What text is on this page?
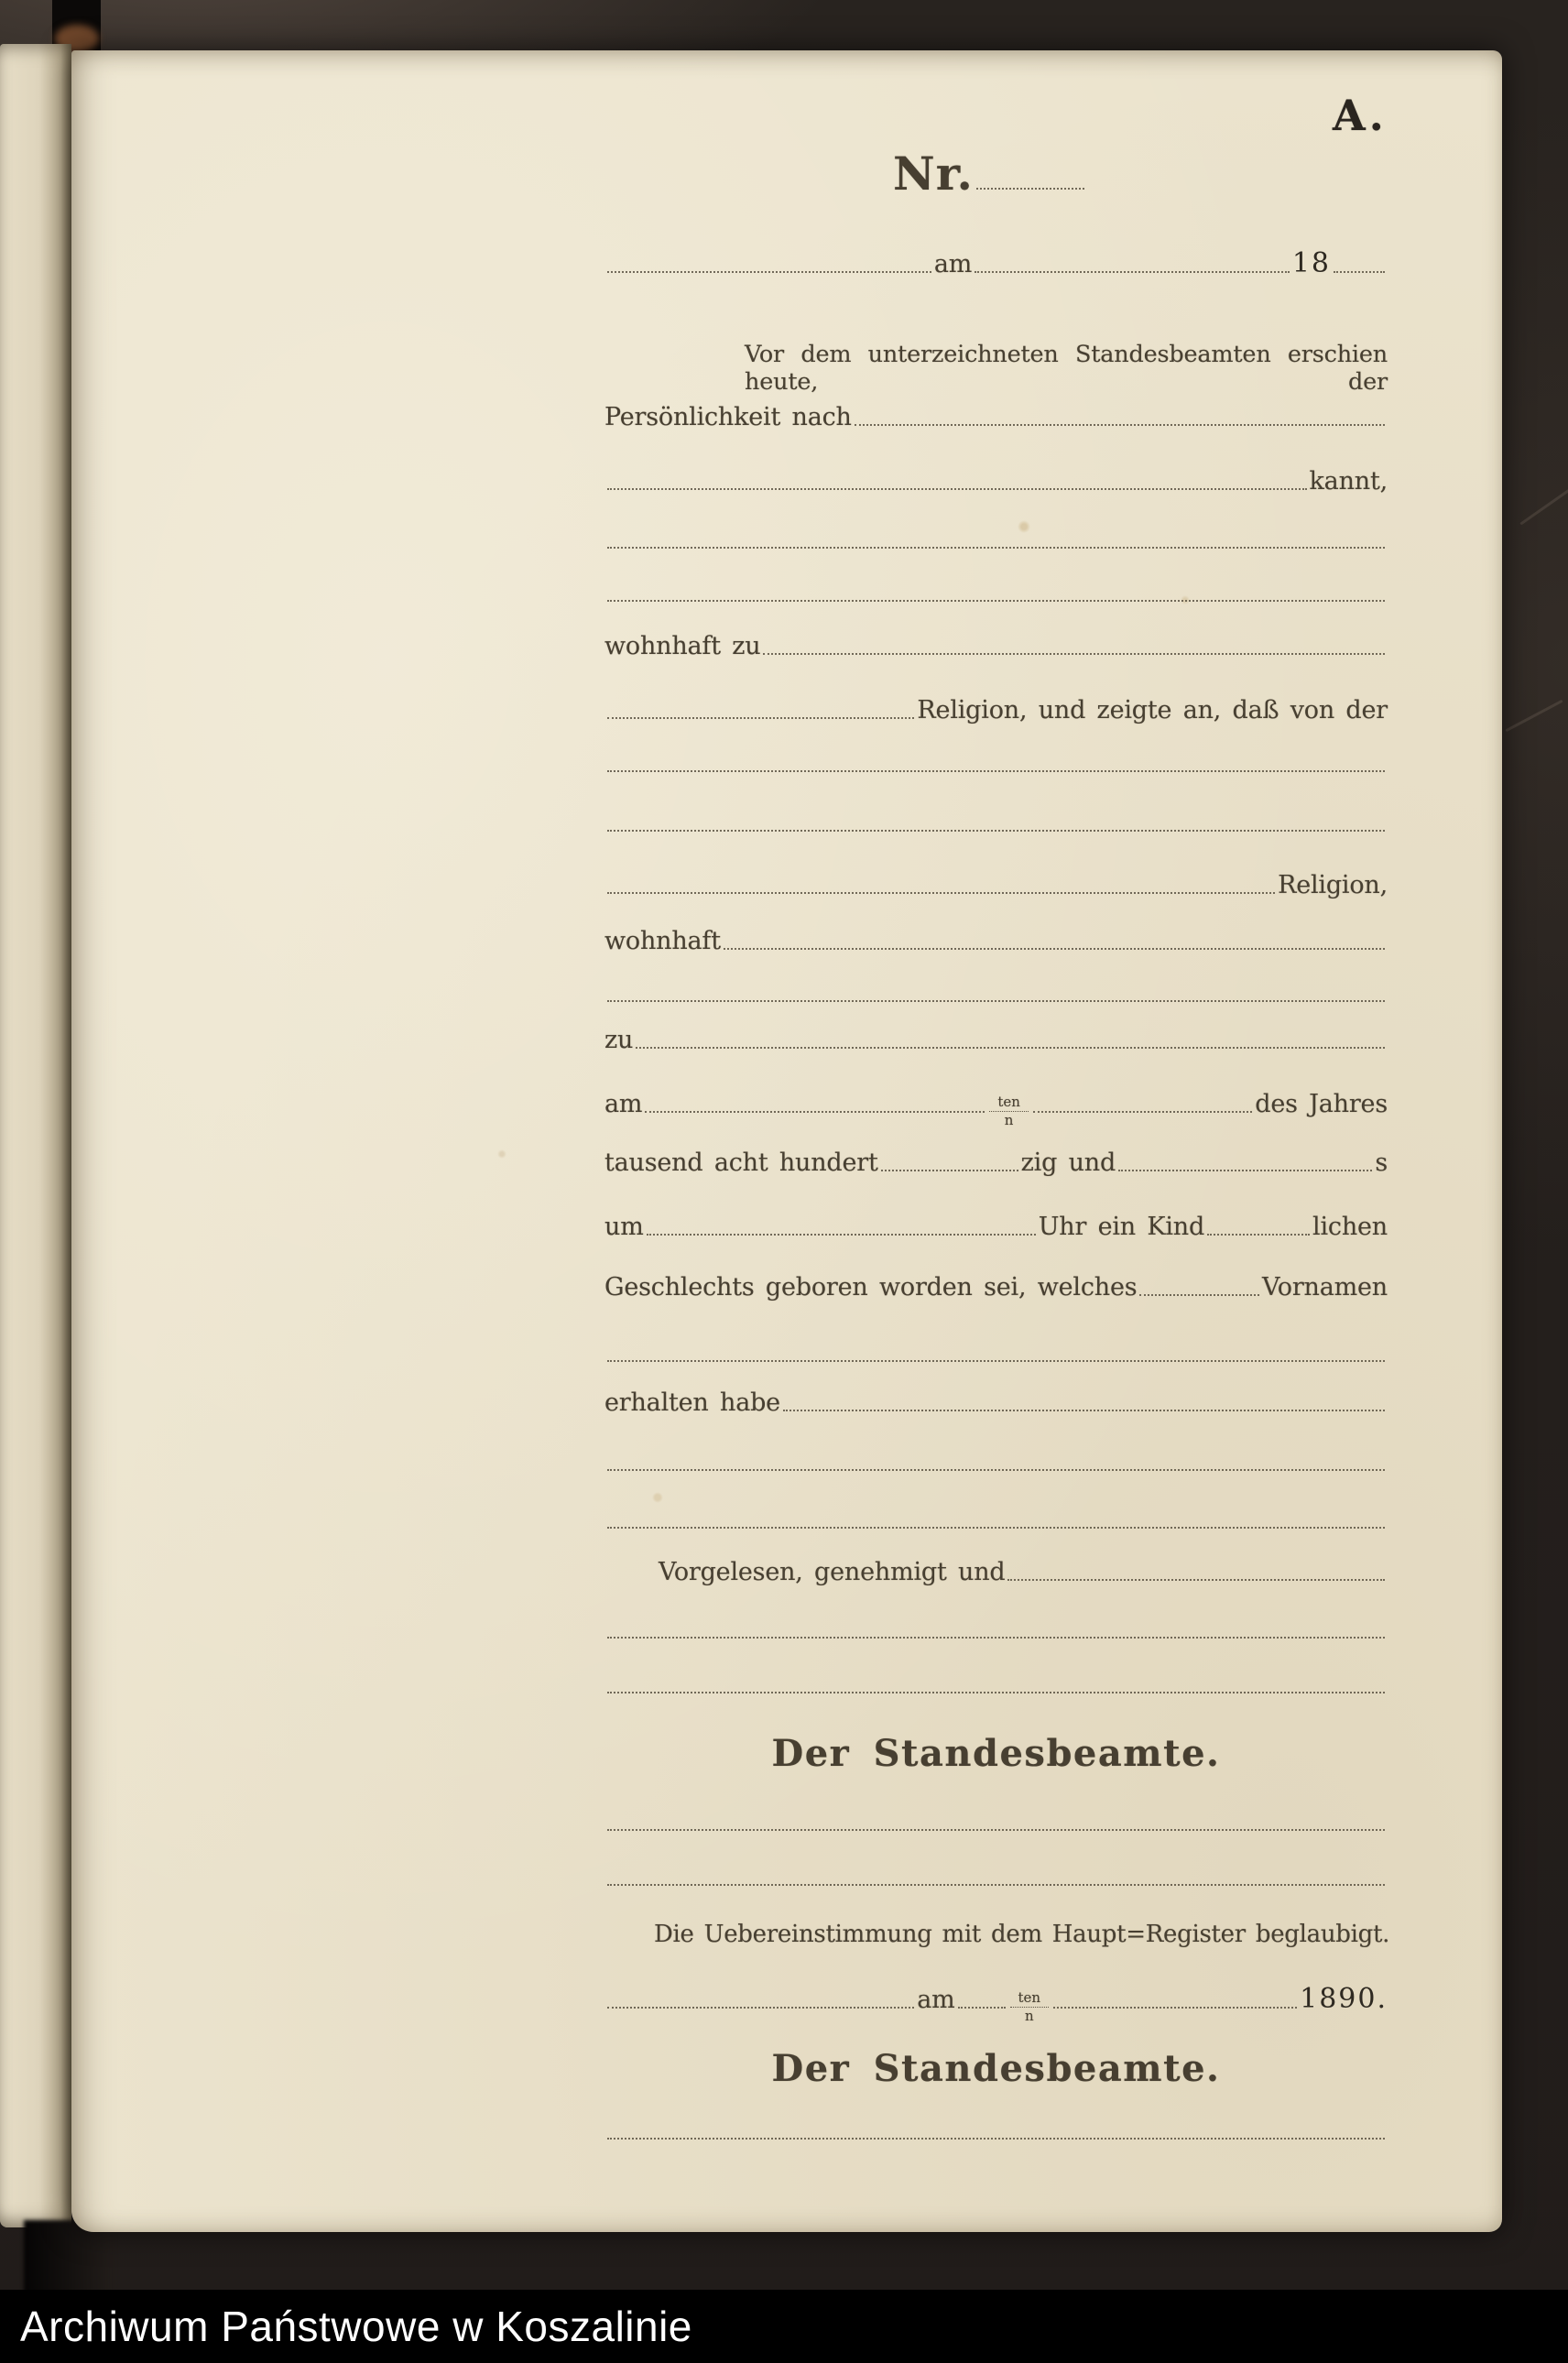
A.
Nr.
am	18
Vor dem unterzeichneten Standesbeamten erschien heute, der
Persönlichkeit nach
kannt,
wohnhaft zu
Religion, und zeigte an, daß von der
Religion,
wohnhaft
zu
am	ten
n
des Jahres
tausend acht hundert	zig und	s
um	Uhr ein Kind	lichen
Geschlechts geboren worden sei, welches	Vornamen
erhalten habe
Vorgelesen, genehmigt und
Der Standesbeamte.
Die Uebereinstimmung mit dem Haupt=Register beglaubigt.
am	ten
n
1890.
Der Standesbeamte.
Archiwum Państwowe w Koszalinie
